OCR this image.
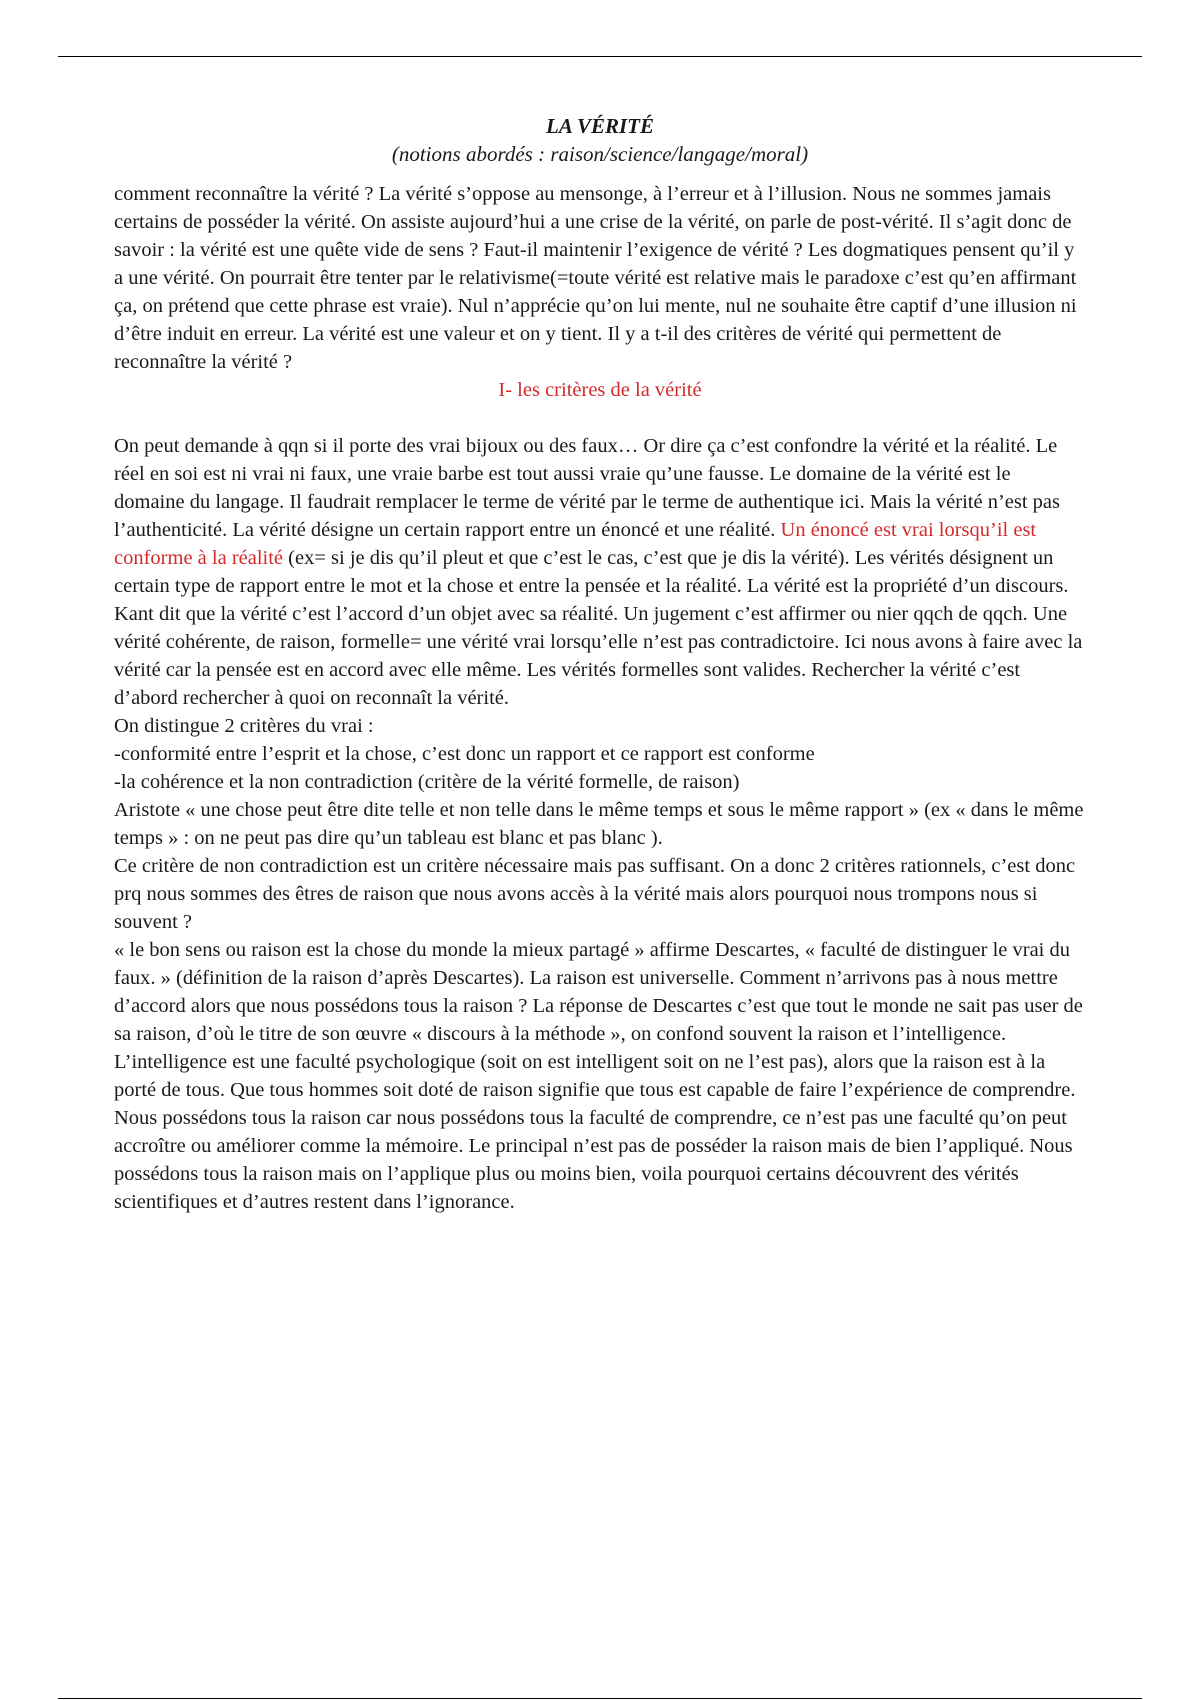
LA VÉRITÉ

(notions abordés : raison/science/langage/moral)

comment reconnaître la vérité ? La vérité s’oppose au mensonge, à l’erreur et à l’illusion. Nous ne sommes jamais certains de posséder la vérité. On assiste aujourd’hui a une crise de la vérité, on parle de post-vérité. Il s’agit donc de savoir : la vérité est une quête vide de sens ? Faut-il maintenir l’exigence de vérité ? Les dogmatiques pensent qu’il y a une vérité. On pourrait être tenter par le relativisme(=toute vérité est relative mais le paradoxe c’est qu’en affirmant ça, on prétend que cette phrase est vraie). Nul n’apprécie qu’on lui mente, nul ne souhaite être captif d’une illusion ni d’être induit en erreur. La vérité est une valeur et on y tient. Il y a t-il des critères de vérité qui permettent de reconnaître la vérité ?

I- les critères de la vérité

On peut demande à qqn si il porte des vrai bijoux ou des faux… Or dire ça c’est confondre la vérité et la réalité. Le réel en soi est ni vrai ni faux, une vraie barbe est tout aussi vraie qu’une fausse. Le domaine de la vérité est le domaine du langage. Il faudrait remplacer le terme de vérité par le terme de authentique ici. Mais la vérité n’est pas l’authenticité. La vérité désigne un certain rapport entre un énoncé et une réalité. Un énoncé est vrai lorsqu’il est conforme à la réalité (ex= si je dis qu’il pleut et que c’est le cas, c’est que je dis la vérité). Les vérités désignent un certain type de rapport entre le mot et la chose et entre la pensée et la réalité. La vérité est la propriété d’un discours. Kant dit que la vérité c’est l’accord d’un objet avec sa réalité. Un jugement c’est affirmer ou nier qqch de qqch. Une vérité cohérente, de raison, formelle= une vérité vrai lorsqu’elle n’est pas contradictoire. Ici nous avons à faire avec la vérité car la pensée est en accord avec elle même. Les vérités formelles sont valides. Rechercher la vérité c’est d’abord rechercher à quoi on reconnaît la vérité.

On distingue 2 critères du vrai :

-conformité entre l’esprit et la chose, c’est donc un rapport et ce rapport est conforme

-la cohérence et la non contradiction (critère de la vérité formelle, de raison)

Aristote « une chose peut être dite telle et non telle dans le même temps et sous le même rapport » (ex « dans le même temps » : on ne peut pas dire qu’un tableau est blanc et pas blanc ).

Ce critère de non contradiction est un critère nécessaire mais pas suffisant. On a donc 2 critères rationnels, c’est donc prq nous sommes des êtres de raison que nous avons accès à la vérité mais alors pourquoi nous trompons nous si souvent ?

« le bon sens ou raison est la chose du monde la mieux partagé » affirme Descartes, « faculté de distinguer le vrai du faux. » (définition de la raison d’après Descartes). La raison est universelle. Comment n’arrivons pas à nous mettre d’accord alors que nous possédons tous la raison ? La réponse de Descartes c’est que tout le monde ne sait pas user de sa raison, d’où le titre de son œuvre « discours à la méthode », on confond souvent la raison et l’intelligence. L’intelligence est une faculté psychologique (soit on est intelligent soit on ne l’est pas), alors que la raison est à la porté de tous. Que tous hommes soit doté de raison signifie que tous est capable de faire l’expérience de comprendre. Nous possédons tous la raison car nous possédons tous la faculté de comprendre, ce n’est pas une faculté qu’on peut accroître ou améliorer comme la mémoire. Le principal n’est pas de posséder la raison mais de bien l’appliqué. Nous possédons tous la raison mais on l’applique plus ou moins bien, voila pourquoi certains découvrent des vérités scientifiques et d’autres restent dans l’ignorance.
